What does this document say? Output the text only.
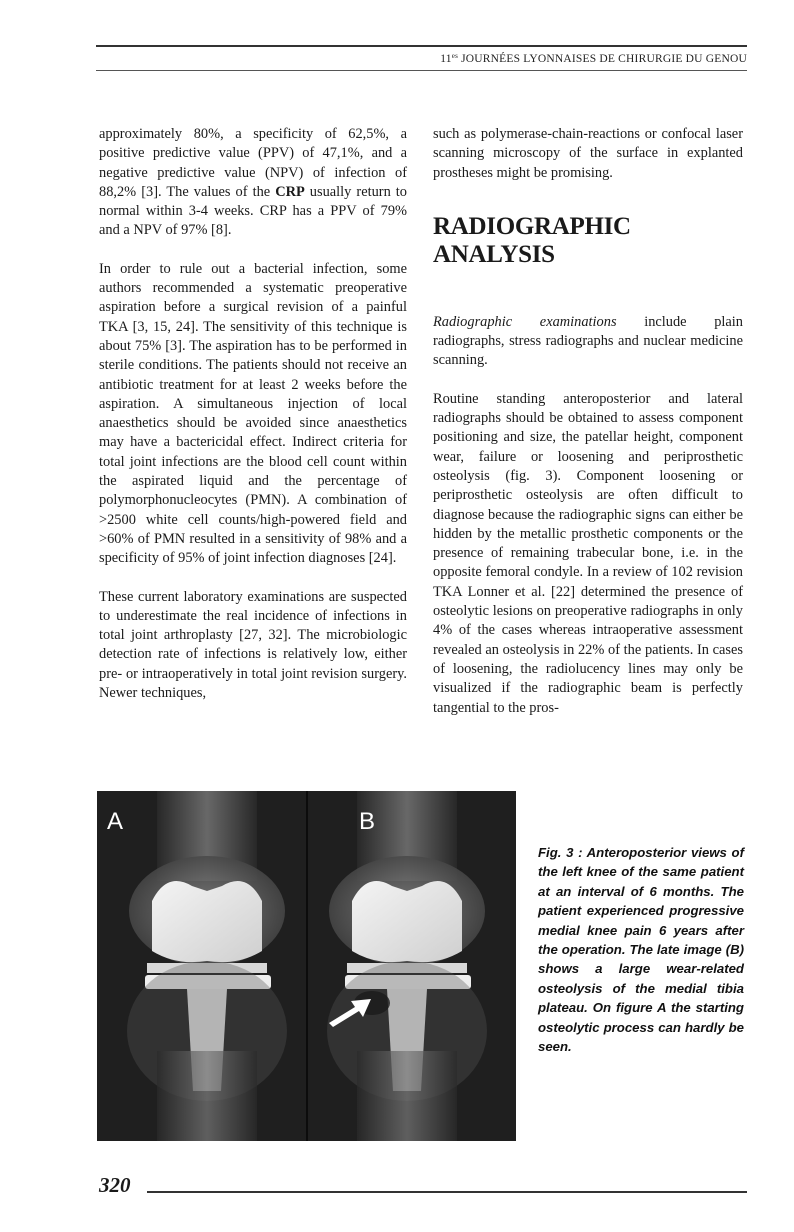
$11^{es}$ JOURNÉES LYONNAISES DE CHIRURGIE DU GENOU

approximately 80%, a specificity of 62,5%, a positive predictive value (PPV) of 47,1%, and a negative predictive value (NPV) of infection of 88,2% [3]. The values of the CRP usually return to normal within 3-4 weeks. CRP has a PPV of 79% and a NPV of 97% [8].

In order to rule out a bacterial infection, some authors recommended a systematic preoperative aspiration before a surgical revision of a painful TKA [3, 15, 24]. The sensitivity of this technique is about 75% [3]. The aspiration has to be performed in sterile conditions. The patients should not receive an antibiotic treatment for at least 2 weeks before the aspiration. A simultaneous injection of local anaesthetics should be avoided since anaesthetics may have a bactericidal effect. Indirect criteria for total joint infections are the blood cell count within the aspirated liquid and the percentage of polymorphonucleocytes (PMN). A combination of >2500 white cell counts/high-powered field and >60% of PMN resulted in a sensitivity of 98% and a specificity of 95% of joint infection diagnoses [24].

These current laboratory examinations are suspected to underestimate the real incidence of infections in total joint arthroplasty [27, 32]. The microbiologic detection rate of infections is relatively low, either pre- or intraoperatively in total joint revision surgery. Newer techniques,

such as polymerase-chain-reactions or confocal laser scanning microscopy of the surface in explanted prostheses might be promising.

RADIOGRAPHIC ANALYSIS

Radiographic examinations include plain radiographs, stress radiographs and nuclear medicine scanning.

Routine standing anteroposterior and lateral radiographs should be obtained to assess component positioning and size, the patellar height, component wear, failure or loosening and periprosthetic osteolysis (fig. 3). Component loosening or periprosthetic osteolysis are often difficult to diagnose because the radiographic signs can either be hidden by the metallic prosthetic components or the presence of remaining trabecular bone, i.e. in the opposite femoral condyle. In a review of 102 revision TKA Lonner et al. [22] determined the presence of osteolytic lesions on preoperative radiographs in only 4% of the cases whereas intraoperative assessment revealed an osteolysis in 22% of the patients. In cases of loosening, the radiolucency lines may only be visualized if the radiographic beam is perfectly tangential to the pros-

A	B
Fig. 3 : Anteroposterior views of the left knee of the same patient at an interval of 6 months. The patient experienced progressive medial knee pain 6 years after the operation. The late image (B) shows a large wear-related osteolysis of the medial tibia plateau. On figure A the starting osteolytic process can hardly be seen.
320
